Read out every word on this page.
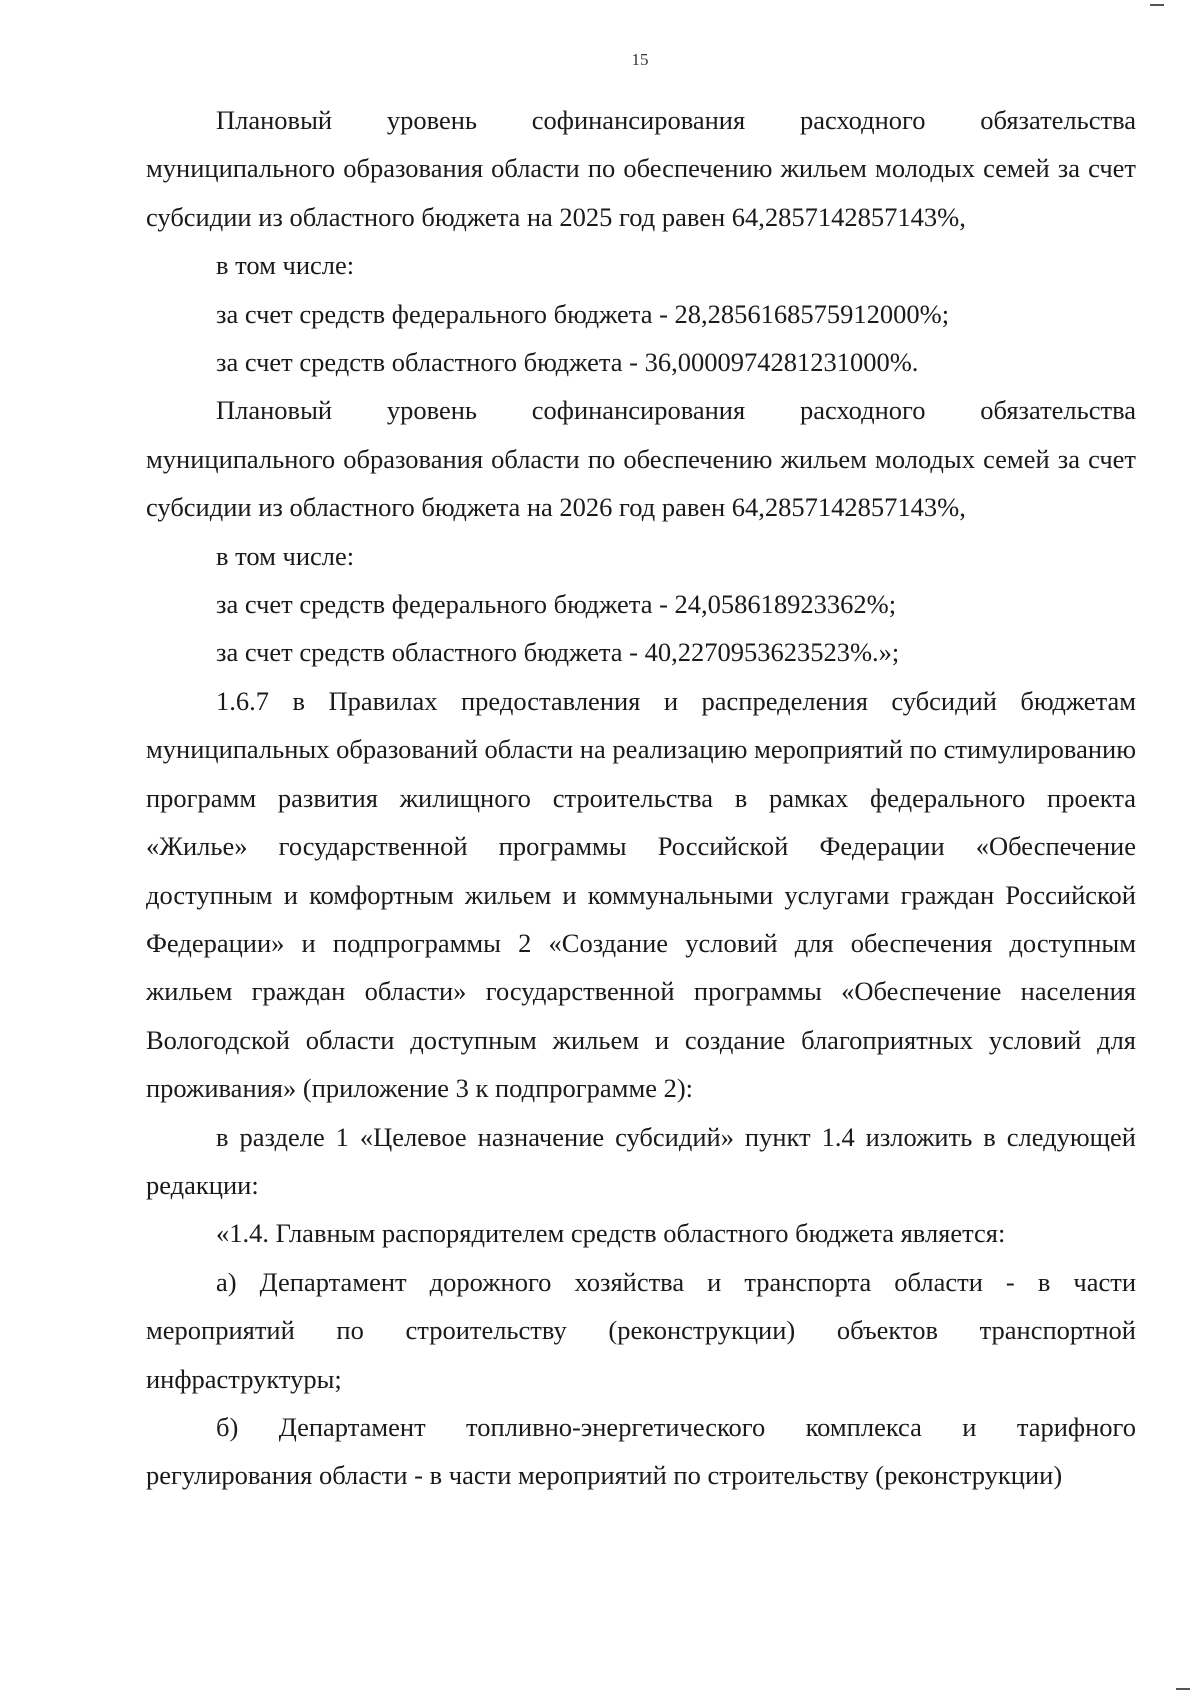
15

Плановый уровень софинансирования расходного обязательства муниципального образования области по обеспечению жильем молодых семей за счет субсидии из областного бюджета на 2025 год равен 64,2857142857143%,

в том числе:

за счет средств федерального бюджета - 28,2856168575912000%;

за счет средств областного бюджета - 36,0000974281231000%.

Плановый уровень софинансирования расходного обязательства муниципального образования области по обеспечению жильем молодых семей за счет субсидии из областного бюджета на 2026 год равен 64,2857142857143%,

в том числе:

за счет средств федерального бюджета - 24,058618923362%;

за счет средств областного бюджета - 40,2270953623523%.»;

1.6.7 в Правилах предоставления и распределения субсидий бюджетам муниципальных образований области на реализацию мероприятий по стимулированию программ развития жилищного строительства в рамках федерального проекта «Жилье» государственной программы Российской Федерации «Обеспечение доступным и комфортным жильем и коммунальными услугами граждан Российской Федерации» и подпрограммы 2 «Создание условий для обеспечения доступным жильем граждан области» государственной программы «Обеспечение населения Вологодской области доступным жильем и создание благоприятных условий для проживания» (приложение 3 к подпрограмме 2):

в разделе 1 «Целевое назначение субсидий» пункт 1.4 изложить в следующей редакции:

«1.4. Главным распорядителем средств областного бюджета является:

а) Департамент дорожного хозяйства и транспорта области - в части мероприятий по строительству (реконструкции) объектов транспортной инфраструктуры;

б) Департамент топливно-энергетического комплекса и тарифного регулирования области - в части мероприятий по строительству (реконструкции)
